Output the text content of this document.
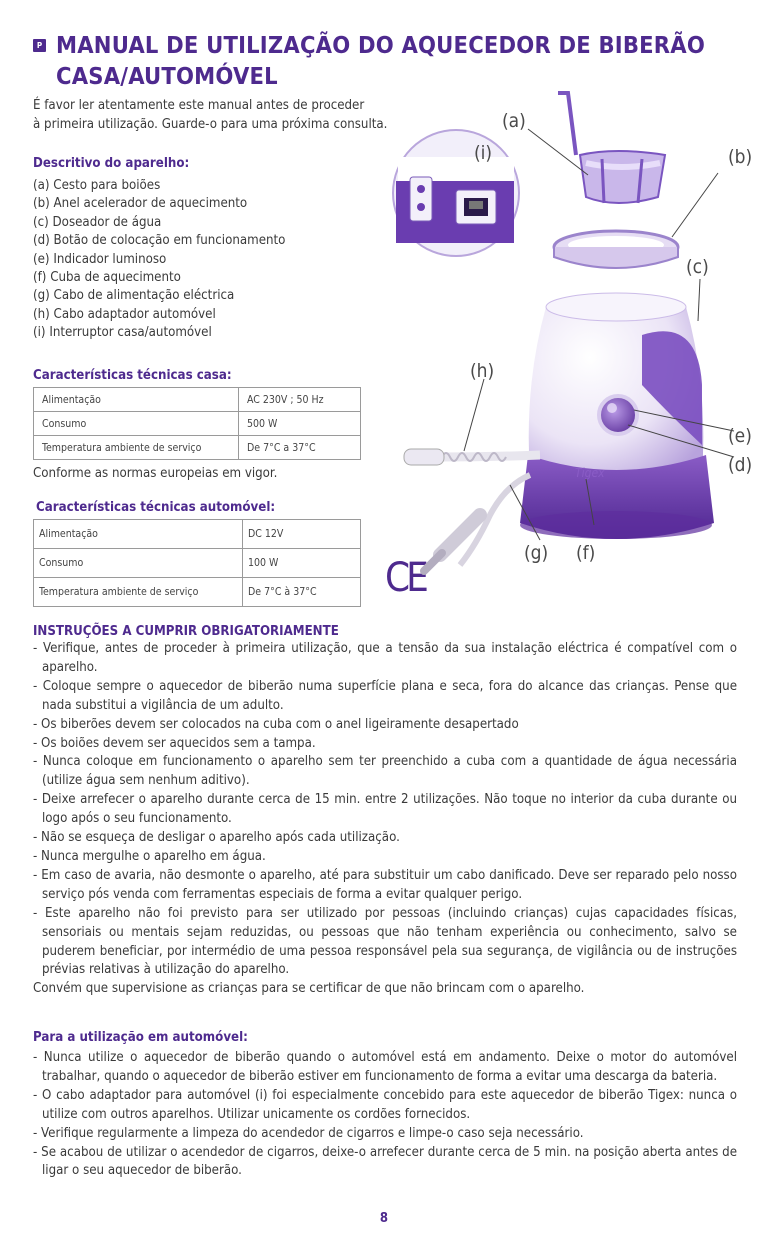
P MANUAL DE UTILIZAÇÃO DO AQUECEDOR DE BIBERÃO
CASA/AUTOMÓVEL
É favor ler atentamente este manual antes de proceder
à primeira utilização. Guarde-o para uma próxima consulta.
Descritivo do aparelho:
(a) Cesto para boiões
(b) Anel acelerador de aquecimento
(c) Doseador de água
(d) Botão de colocação em funcionamento
(e) Indicador luminoso
(f) Cuba de aquecimento
(g) Cabo de alimentação eléctrica
(h) Cabo adaptador automóvel
(i) Interruptor casa/automóvel
Características técnicas casa:
Alimentação	AC 230V ; 50 Hz
Consumo	500 W
Temperatura ambiente de serviço	De 7°C a 37°C
Conforme as normas europeias em vigor.
Características técnicas automóvel:
Alimentação	DC 12V
Consumo	100 W
Temperatura ambiente de serviço	De 7°C à 37°C CE
Tigex
(a)
(i)	(b)
(c)
(h)
(e)
(d)
(f)
(g)
INSTRUÇÕES A CUMPRIR OBRIGATORIAMENTE
- Verifique, antes de proceder à primeira utilização, que a tensão da sua instalação eléctrica é compatível com o aparelho.
- Coloque sempre o aquecedor de biberão numa superfície plana e seca, fora do alcance das crianças. Pense que nada substitui a vigilância de um adulto.
- Os biberões devem ser colocados na cuba com o anel ligeiramente desapertado
- Os boiões devem ser aquecidos sem a tampa.
- Nunca coloque em funcionamento o aparelho sem ter preenchido a cuba com a quantidade de água necessária (utilize água sem nenhum aditivo).
- Deixe arrefecer o aparelho durante cerca de 15 min. entre 2 utilizações. Não toque no interior da cuba durante ou logo após o seu funcionamento.
- Não se esqueça de desligar o aparelho após cada utilização.
- Nunca mergulhe o aparelho em água.
- Em caso de avaria, não desmonte o aparelho, até para substituir um cabo danificado. Deve ser reparado pelo nosso serviço pós venda com ferramentas especiais de forma a evitar qualquer perigo.
- Este aparelho não foi previsto para ser utilizado por pessoas (incluindo crianças) cujas capacidades físicas, sensoriais ou mentais sejam reduzidas, ou pessoas que não tenham experiência ou conhecimento, salvo se puderem beneficiar, por intermédio de uma pessoa responsável pela sua segurança, de vigilância ou de instruções prévias relativas à utilização do aparelho.
Convém que supervisione as crianças para se certificar de que não brincam com o aparelho.
Para a utilização em automóvel:
- Nunca utilize o aquecedor de biberão quando o automóvel está em andamento. Deixe o motor do automóvel trabalhar, quando o aquecedor de biberão estiver em funcionamento de forma a evitar uma descarga da bateria.
- O cabo adaptador para automóvel (i) foi especialmente concebido para este aquecedor de biberão Tigex: nunca o utilize com outros aparelhos. Utilizar unicamente os cordões fornecidos.
- Verifique regularmente a limpeza do acendedor de cigarros e limpe-o caso seja necessário.
- Se acabou de utilizar o acendedor de cigarros, deixe-o arrefecer durante cerca de 5 min. na posição aberta antes de ligar o seu aquecedor de biberão.
8
